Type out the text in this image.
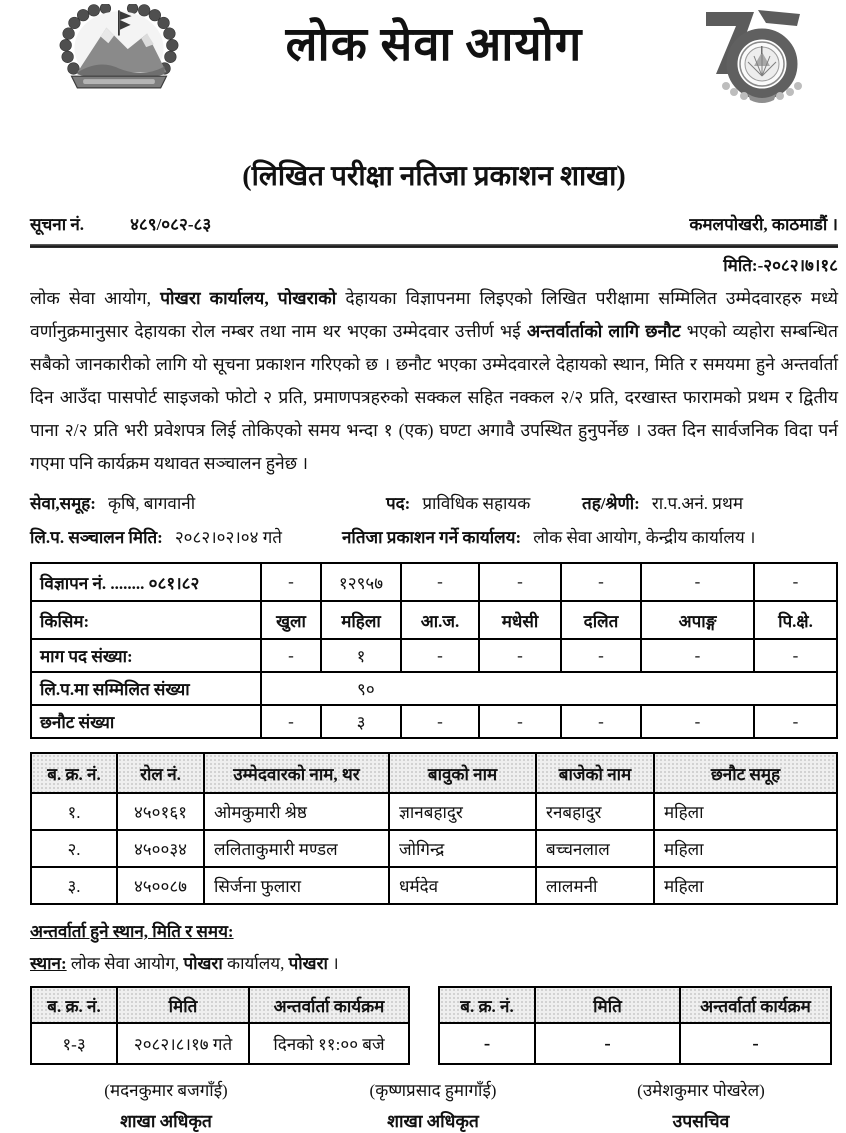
लोक सेवा आयोग
(लिखित परीक्षा नतिजा प्रकाशन शाखा)
सूचना नं.	४८९/०८२-८३	कमलपोखरी, काठमाडौं ।
मिति:-२०८२।७।१८
लोक सेवा आयोग, पोखरा कार्यालय, पोखराको देहायका विज्ञापनमा लिइएको लिखित परीक्षामा सम्मिलित उम्मेदवारहरु मध्ये वर्णानुक्रमानुसार देहायका रोल नम्बर तथा नाम थर भएका उम्मेदवार उत्तीर्ण भई अन्तर्वार्ताको लागि छनौट भएको व्यहोरा सम्बन्धित सबैको जानकारीको लागि यो सूचना प्रकाशन गरिएको छ । छनौट भएका उम्मेदवारले देहायको स्थान, मिति र समयमा हुने अन्तर्वार्ता दिन आउँदा पासपोर्ट साइजको फोटो २ प्रति, प्रमाणपत्रहरुको सक्कल सहित नक्कल २/२ प्रति, दरखास्त फारामको प्रथम र द्वितीय पाना २/२ प्रति भरी प्रवेशपत्र लिई तोकिएको समय भन्दा १ (एक) घण्टा अगावै उपस्थित हुनुपर्नेछ । उक्त दिन सार्वजनिक विदा पर्न गएमा पनि कार्यक्रम यथावत सञ्चालन हुनेछ ।
सेवा,समूह: कृषि, बागवानी	पद: प्राविधिक सहायक	तह/श्रेणी: रा.प.अनं. प्रथम
लि.प. सञ्चालन मिति: २०८२।०२।०४ गते	नतिजा प्रकाशन गर्ने कार्यालय: लोक सेवा आयोग, केन्द्रीय कार्यालय ।
विज्ञापन नं. ........ ०८१।८२	-	१२९५७	-	-	-	-	-
किसिम:	खुला	महिला	आ.ज.	मधेसी	दलित	अपाङ्ग	पि.क्षे.
माग पद संख्या:	-	१	-	-	-	-	-
लि.प.मा सम्मिलित संख्या	९०						
छनौट संख्या	-	३	-	-	-	-	-
ब. क्र. नं.	रोल नं.	उम्मेदवारको नाम, थर	बावुको नाम	बाजेको नाम	छनौट समूह
१.	४५०१६१	ओमकुमारी श्रेष्ठ	ज्ञानबहादुर	रनबहादुर	महिला
२.	४५००३४	ललिताकुमारी मण्डल	जोगिन्द्र	बच्चनलाल	महिला
३.	४५००८७	सिर्जना फुलारा	धर्मदेव	लालमनी	महिला
अन्तर्वार्ता हुने स्थान, मिति र समय:
स्थान: लोक सेवा आयोग, पोखरा कार्यालय, पोखरा ।
ब. क्र. नं.	मिति	अन्तर्वार्ता कार्यक्रम
१-३	२०८२।८।१७ गते	दिनको ११:०० बजे
ब. क्र. नं.	मिति	अन्तर्वार्ता कार्यक्रम
-	-	-
(मदनकुमार बजगाँई)
शाखा अधिकृत
(कृष्णप्रसाद हुमागाँई)
शाखा अधिकृत
(उमेशकुमार पोखरेल)
उपसचिव
